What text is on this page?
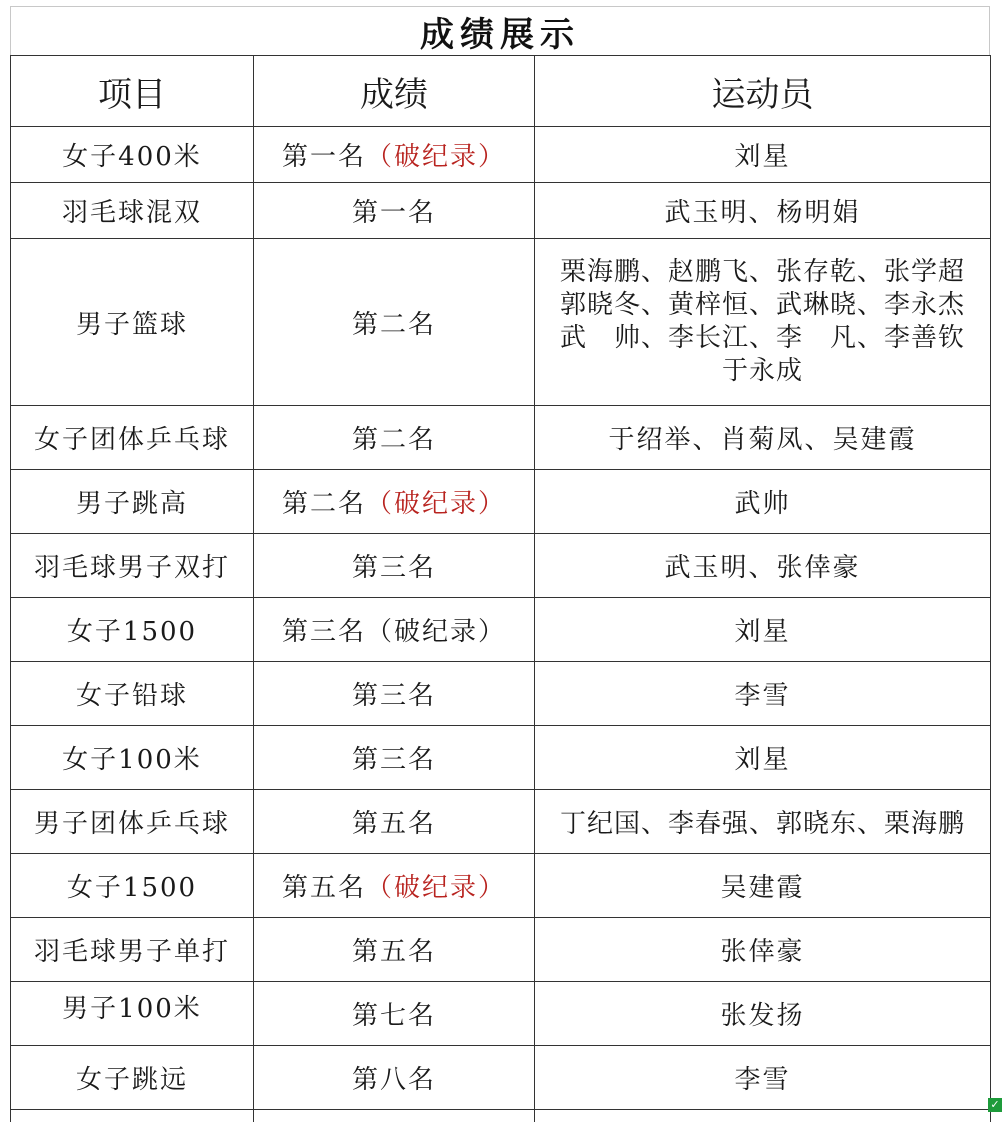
成绩展示
项目	成绩	运动员
女子400米	第一名（破纪录）	刘星
羽毛球混双	第一名	武玉明、杨明娟
男子篮球	第二名	栗海鹏、赵鹏飞、张存乾、张学超
郭晓冬、黄梓恒、武琳晓、李永杰
武　帅、李长江、李　凡、李善钦
于永成

女子团体乒乓球	第二名	于绍举、肖菊凤、吴建霞
男子跳高	第二名（破纪录）	武帅
羽毛球男子双打	第三名	武玉明、张倖豪
女子1500	第三名（破纪录）	刘星
女子铅球	第三名	李雪
女子100米	第三名	刘星
男子团体乒乓球	第五名	丁纪国、李春强、郭晓东、栗海鹏
女子1500	第五名（破纪录）	吴建霞
羽毛球男子单打	第五名	张倖豪
男子100米	第七名	张发扬
女子跳远	第八名	李雪

✓
